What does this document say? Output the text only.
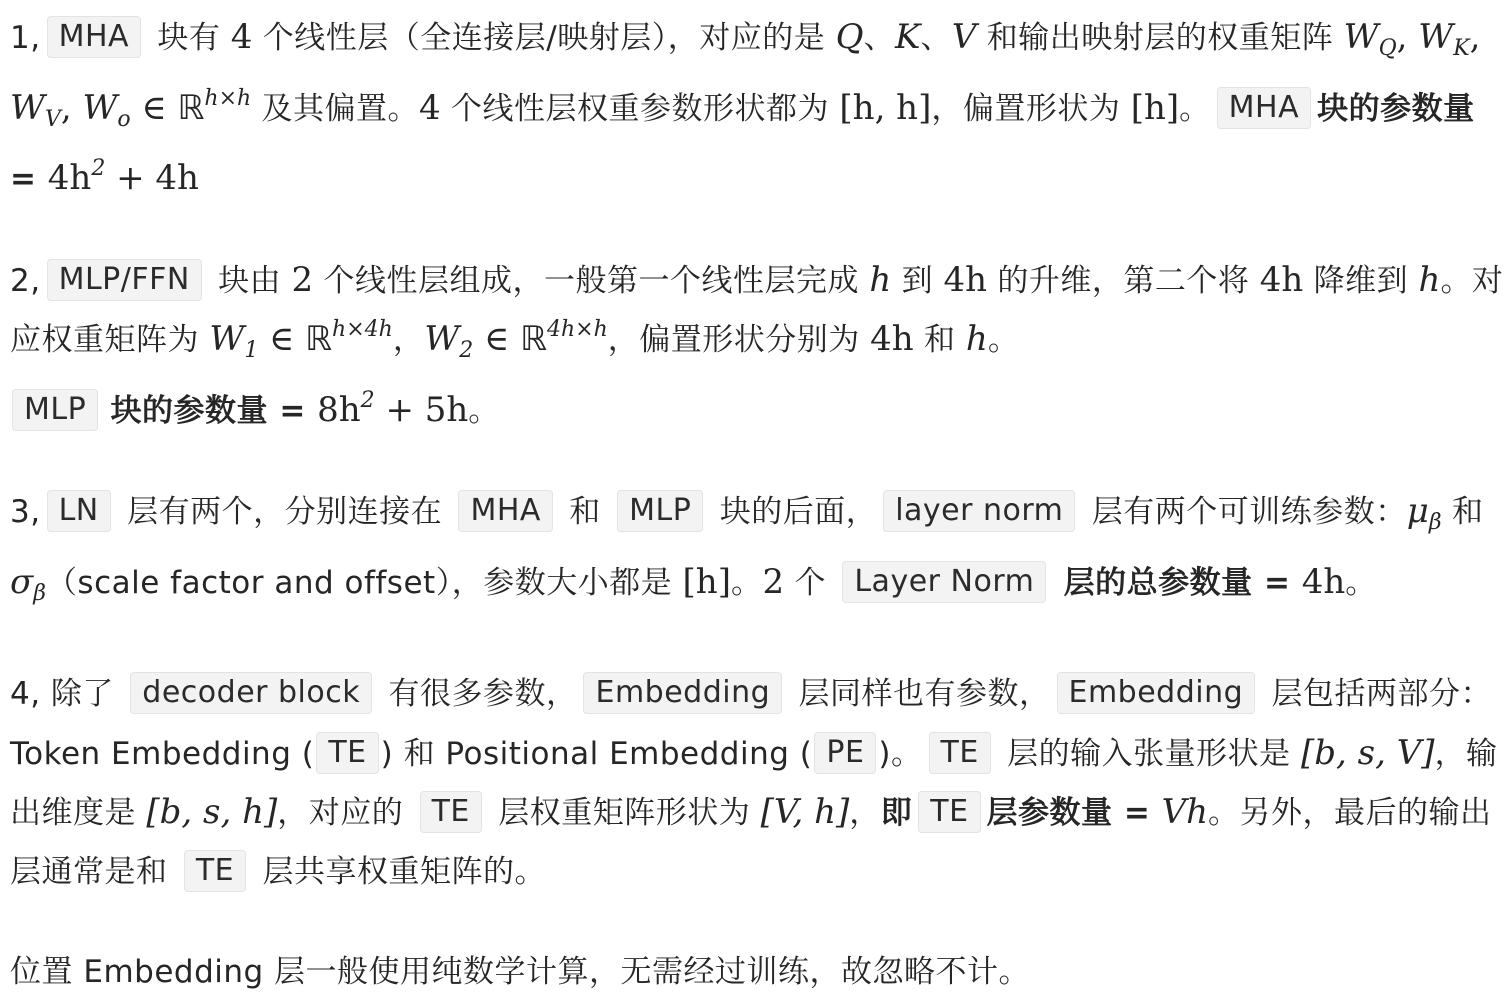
1, MHA 块有 4 个线性层（全连接层/映射层），对应的是 Q、K、V 和输出映射层的权重矩阵 $W_Q$, $W_K$, $W_V$, $W_o$ ∈ ℝ$^{h\times h}$ 及其偏置。4 个线性层权重参数形状都为 [h, h]，偏置形状为 [h]。 MHA 块的参数量 = $4h^2 + 4h$

2, MLP/FFN 块由 2 个线性层组成，一般第一个线性层完成 h 到 4h 的升维，第二个将 4h 降维到 h。对应权重矩阵为 $W_1$ ∈ ℝ$^{h\times 4h}$，$W_2$ ∈ ℝ$^{4h\times h}$，偏置形状分别为 4h 和 h。
MLP 块的参数量 = $8h^2 + 5h$。

3, LN 层有两个，分别连接在 MHA 和 MLP 块的后面， layer norm 层有两个可训练参数：$\mu_\beta$ 和 $\sigma_\beta(scale$ factor and offset），参数大小都是 [h]。2 个 Layer Norm 层的总参数量 = 4h。

4, 除了 decoder block 有很多参数， Embedding 层同样也有参数， Embedding 层包括两部分：Token Embedding ( TE ) 和 Positional Embedding ( PE )。 TE 层的输入张量形状是 [b, s, V]，输出维度是 [b, s, h]，对应的 TE 层权重矩阵形状为 [V, h]，即 TE 层参数量 = Vh。另外，最后的输出层通常是和 TE 层共享权重矩阵的。

位置 Embedding 层一般使用纯数学计算，无需经过训练，故忽略不计。
